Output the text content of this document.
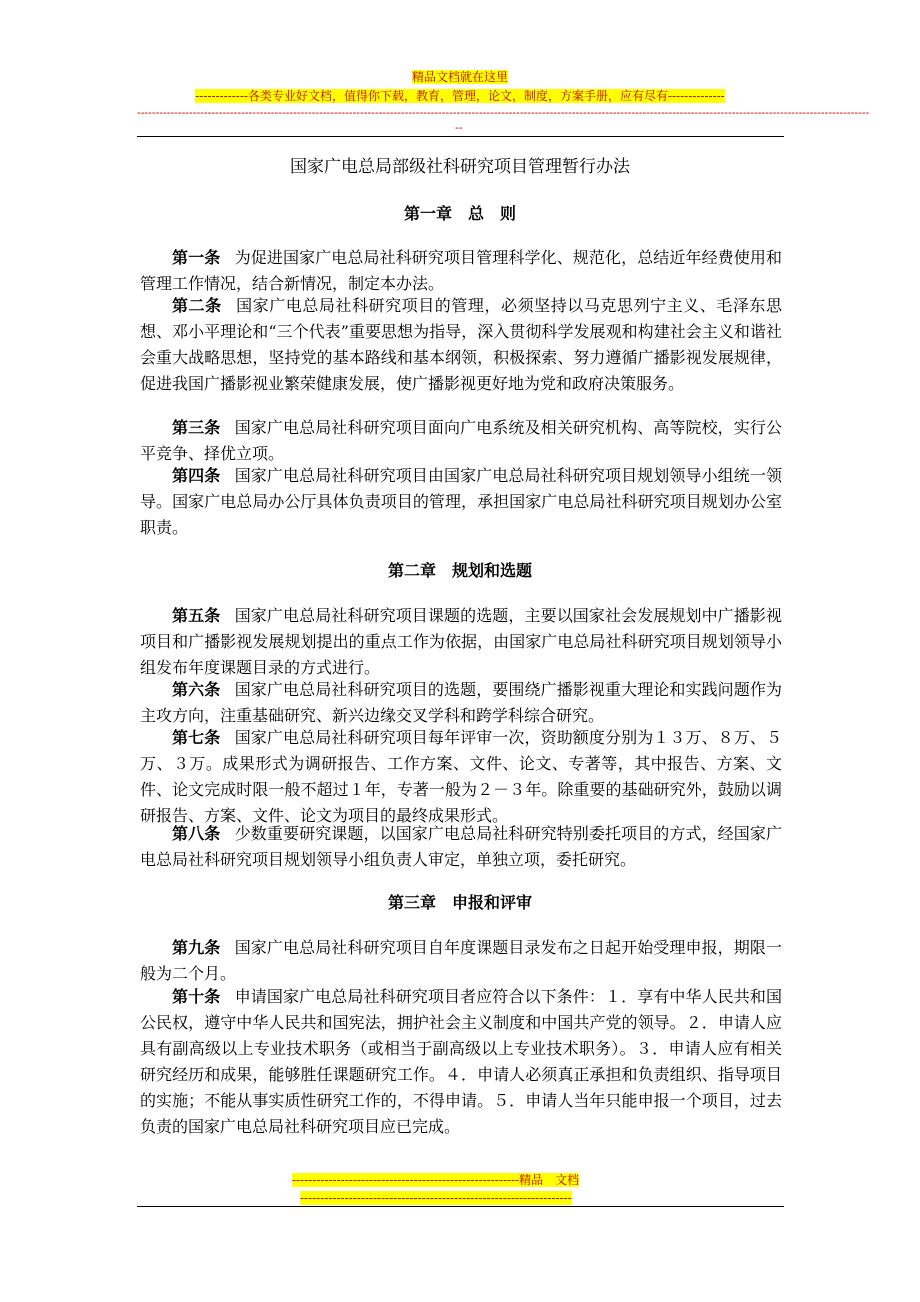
精品文档就在这里
-------------各类专业好文档，值得你下载，教育，管理，论文，制度，方案手册，应有尽有--------------
-----------------------------------------------------------------------------------------------------------------------------------------------------------------------------------------------------
--
国家广电总局部级社科研究项目管理暂行办法
第一章　总　则
第一条 为促进国家广电总局社科研究项目管理科学化、规范化，总结近年经费使用和管理工作情况，结合新情况，制定本办法。
第二条 国家广电总局社科研究项目的管理，必须坚持以马克思列宁主义、毛泽东思想、邓小平理论和“三个代表”重要思想为指导，深入贯彻科学发展观和构建社会主义和谐社会重大战略思想，坚持党的基本路线和基本纲领，积极探索、努力遵循广播影视发展规律，促进我国广播影视业繁荣健康发展，使广播影视更好地为党和政府决策服务。
第三条 国家广电总局社科研究项目面向广电系统及相关研究机构、高等院校，实行公平竞争、择优立项。
第四条 国家广电总局社科研究项目由国家广电总局社科研究项目规划领导小组统一领导。国家广电总局办公厅具体负责项目的管理，承担国家广电总局社科研究项目规划办公室职责。
第二章　规划和选题
第五条 国家广电总局社科研究项目课题的选题，主要以国家社会发展规划中广播影视项目和广播影视发展规划提出的重点工作为依据，由国家广电总局社科研究项目规划领导小组发布年度课题目录的方式进行。
第六条 国家广电总局社科研究项目的选题，要围绕广播影视重大理论和实践问题作为主攻方向，注重基础研究、新兴边缘交叉学科和跨学科综合研究。
第七条 国家广电总局社科研究项目每年评审一次，资助额度分别为１３万、８万、５万、３万。成果形式为调研报告、工作方案、文件、论文、专著等，其中报告、方案、文件、论文完成时限一般不超过１年，专著一般为２－３年。除重要的基础研究外，鼓励以调研报告、方案、文件、论文为项目的最终成果形式。
第八条 少数重要研究课题，以国家广电总局社科研究特别委托项目的方式，经国家广电总局社科研究项目规划领导小组负责人审定，单独立项，委托研究。
第三章　申报和评审
第九条 国家广电总局社科研究项目自年度课题目录发布之日起开始受理申报，期限一般为二个月。
第十条 申请国家广电总局社科研究项目者应符合以下条件：１．享有中华人民共和国公民权，遵守中华人民共和国宪法，拥护社会主义制度和中国共产党的领导。２．申请人应具有副高级以上专业技术职务（或相当于副高级以上专业技术职务）。３．申请人应有相关研究经历和成果，能够胜任课题研究工作。４．申请人必须真正承担和负责组织、指导项目的实施；不能从事实质性研究工作的，不得申请。５．申请人当年只能申报一个项目，过去负责的国家广电总局社科研究项目应已完成。
--------------------------------------------------------精品　文档
-------------------------------------------------------------------
